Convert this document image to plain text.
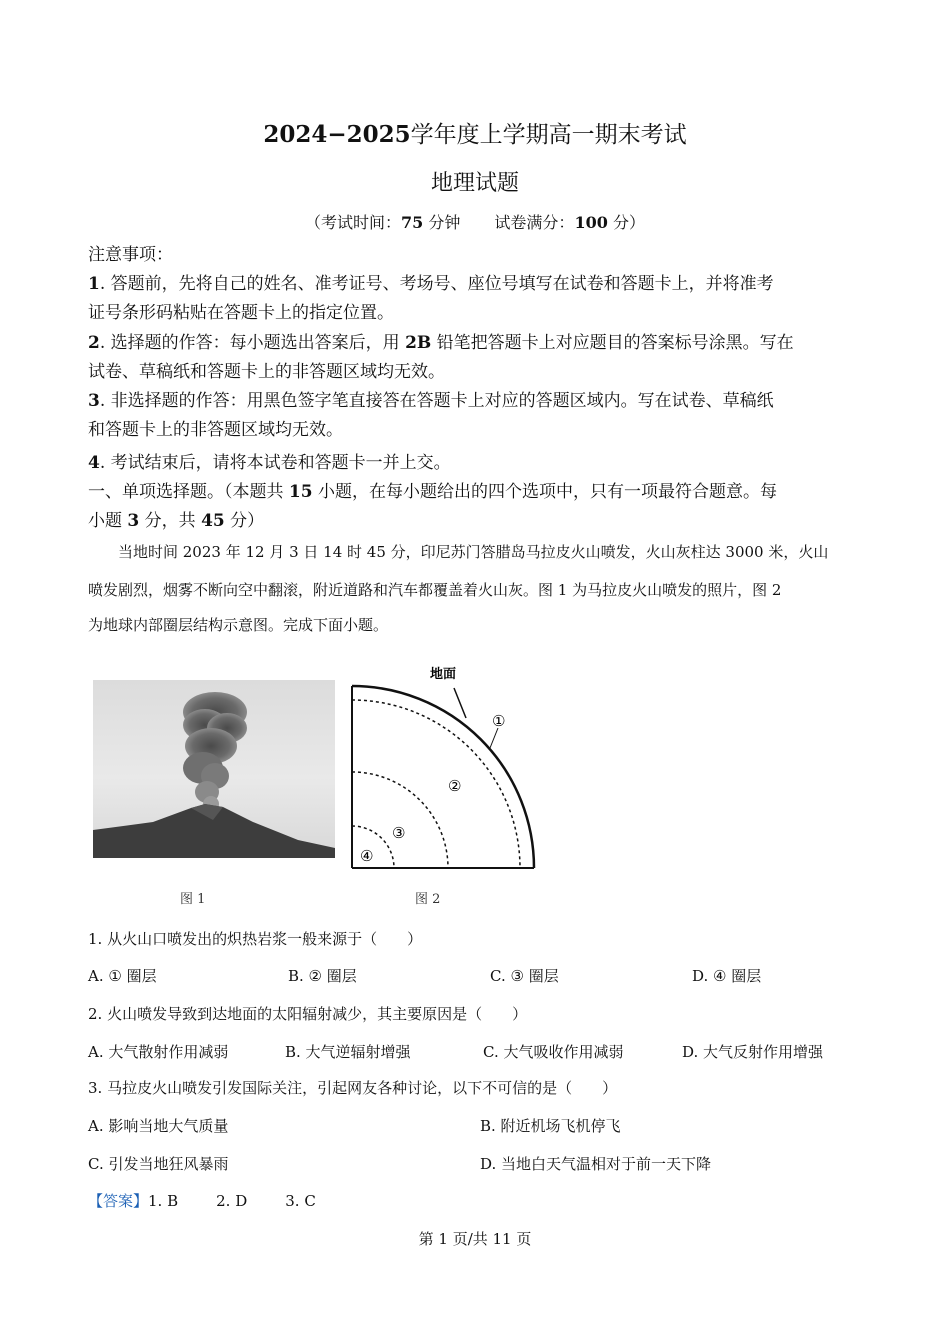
2024−2025学年度上学期高一期末考试
地理试题
（考试时间：75 分钟 试卷满分：100 分）
注意事项：
1. 答题前，先将自己的姓名、准考证号、考场号、座位号填写在试卷和答题卡上，并将准考
证号条形码粘贴在答题卡上的指定位置。
2. 选择题的作答：每小题选出答案后，用 2B 铅笔把答题卡上对应题目的答案标号涂黑。写在
试卷、草稿纸和答题卡上的非答题区域均无效。
3. 非选择题的作答：用黑色签字笔直接答在答题卡上对应的答题区域内。写在试卷、草稿纸
和答题卡上的非答题区域均无效。
4. 考试结束后，请将本试卷和答题卡一并上交。
一、单项选择题。（本题共 15 小题，在每小题给出的四个选项中，只有一项最符合题意。每
小题 3 分，共 45 分）
当地时间 2023 年 12 月 3 日 14 时 45 分，印尼苏门答腊岛马拉皮火山喷发，火山灰柱达 3000 米，火山
喷发剧烈，烟雾不断向空中翻滚，附近道路和汽车都覆盖着火山灰。图 1 为马拉皮火山喷发的照片，图 2
为地球内部圈层结构示意图。完成下面小题。
图 1
地面
①
②
③
④
图 2
1. 从火山口喷发出的炽热岩浆一般来源于（　　）
A. ① 圈层	B. ② 圈层	C. ③ 圈层	D. ④ 圈层
2. 火山喷发导致到达地面的太阳辐射减少，其主要原因是（　　）
A. 大气散射作用减弱	B. 大气逆辐射增强	C. 大气吸收作用减弱	D. 大气反射作用增强
3. 马拉皮火山喷发引发国际关注，引起网友各种讨论，以下不可信的是（　　）
A. 影响当地大气质量	B. 附近机场飞机停飞
C. 引发当地狂风暴雨	D. 当地白天气温相对于前一天下降
【答案】1. B	2. D	3. C
第 1 页/共 11 页
